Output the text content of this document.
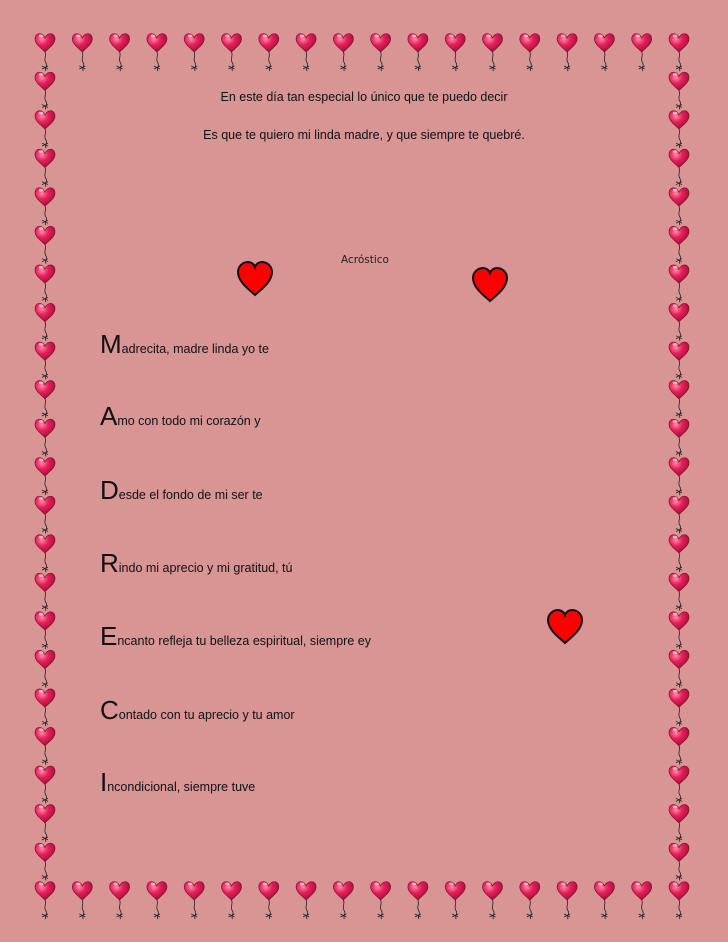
En este día tan especial lo único que te puedo decir
Es que te quiero mi linda madre, y que siempre te quebré.
Acróstico
Madrecita, madre linda yo te
Amo con todo mi corazón y
Desde el fondo de mi ser te
Rindo mi aprecio y mi gratitud, tú
Encanto refleja tu belleza espiritual, siempre ey
Contado con tu aprecio y tu amor
Incondicional, siempre tuve
